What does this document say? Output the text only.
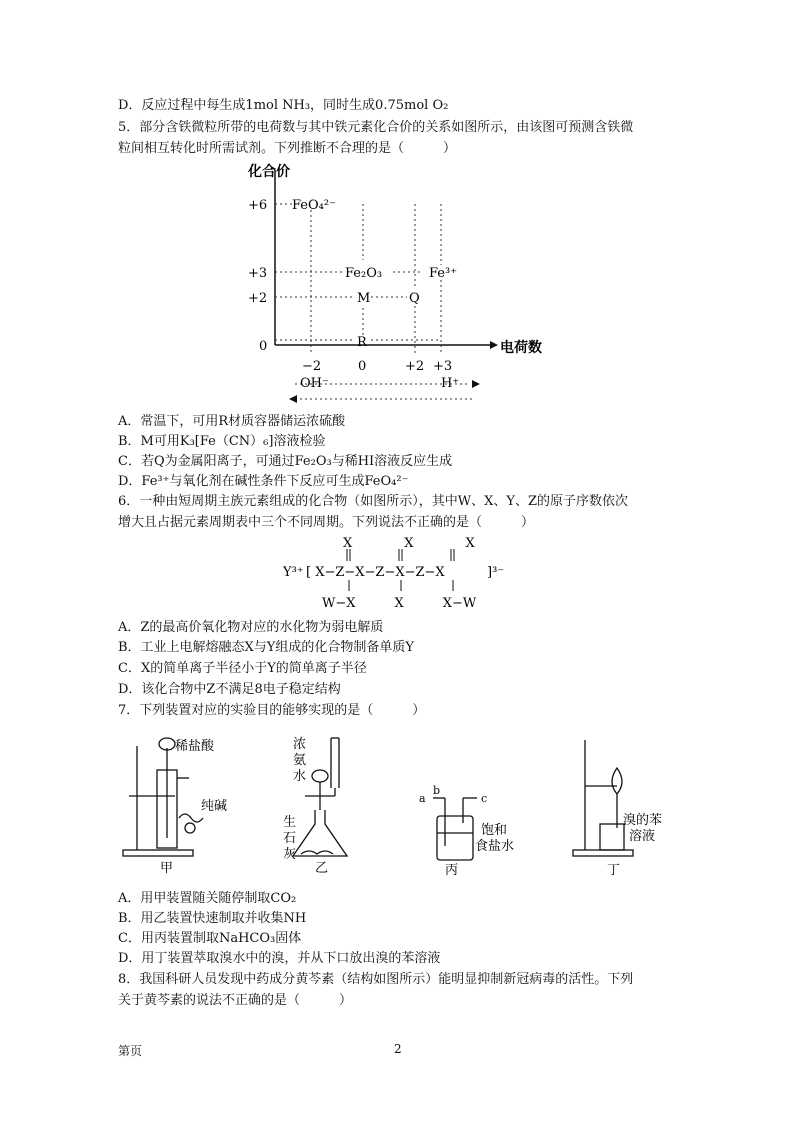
D．反应过程中每生成1mol NH₃，同时生成0.75mol O₂
5．部分含铁微粒所带的电荷数与其中铁元素化合价的关系如图所示，由该图可预测含铁微
粒间相互转化时所需试剂。下列推断不合理的是（　　　）
化合价
电荷数
+6
+3
+2
0
−2	0	+2 +3
FeO₄²⁻
Fe₂O₃	Fe³⁺
M	Q
R
OH⁻	H⁺
A．常温下，可用R材质容器储运浓硫酸
B．M可用K₃[Fe（CN）₆]溶液检验
C．若Q为金属阳离子，可通过Fe₂O₃与稀HI溶液反应生成
D．Fe³⁺与氧化剂在碱性条件下反应可生成FeO₄²⁻
6．一种由短周期主族元素组成的化合物（如图所示），其中W、X、Y、Z的原子序数依次
增大且占据元素周期表中三个不同周期。下列说法不正确的是（　　　）
X　　　　X　　　　X
Y³⁺ [ X−Z−X−Z−X−Z−X	]³⁻
W−X　　　X　　　X−W
A．Z的最高价氧化物对应的水化物为弱电解质
B．工业上电解熔融态X与Y组成的化合物制备单质Y
C．X的简单离子半径小于Y的简单离子半径
D．该化合物中Z不满足8电子稳定结构
7．下列装置对应的实验目的能够实现的是（　　　）
稀盐酸
纯碱
甲
浓
氨
水
生
石
灰
乙
a
b
c
饱和
食盐水
丙
溴的苯
溶液
丁
A．用甲装置随关随停制取CO₂
B．用乙装置快速制取并收集NH
C．用丙装置制取NaHCO₃固体
D．用丁装置萃取溴水中的溴，并从下口放出溴的苯溶液
8．我国科研人员发现中药成分黄芩素（结构如图所示）能明显抑制新冠病毒的活性。下列
关于黄芩素的说法不正确的是（　　　）
第页	2
